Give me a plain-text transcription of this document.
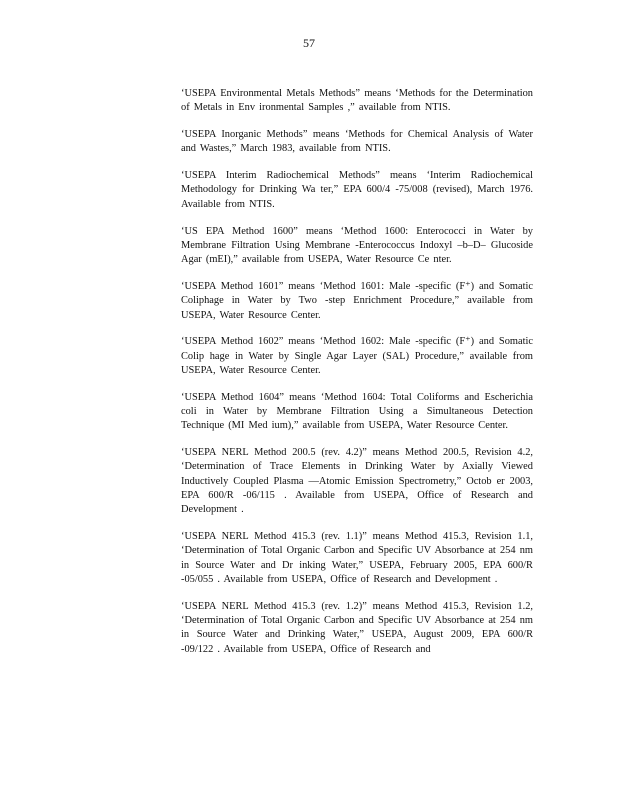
57

‘USEPA Environmental Metals Methods” means ‘Methods for the Determination of Metals in Env ironmental Samples ,” available from NTIS.

‘USEPA Inorganic Methods” means ‘Methods for Chemical Analysis of Water and Wastes,” March 1983, available from NTIS.

‘USEPA Interim Radiochemical Methods” means ‘Interim Radiochemical Methodology for Drinking Wa ter,” EPA 600/4 -75/008 (revised), March 1976. Available from NTIS.

‘US EPA Method 1600” means ‘Method 1600: Enterococci in Water by Membrane Filtration Using Membrane -Enterococcus Indoxyl –b–D– Glucoside Agar (mEI),” available from USEPA, Water Resource Ce nter.

‘USEPA Method 1601” means ‘Method 1601: Male -specific (F⁺) and Somatic Coliphage in Water by Two -step Enrichment Procedure,” available from USEPA, Water Resource Center.

‘USEPA Method 1602” means ‘Method 1602: Male -specific (F⁺) and Somatic Colip hage in Water by Single Agar Layer (SAL) Procedure,” available from USEPA, Water Resource Center.

‘USEPA Method 1604” means ‘Method 1604: Total Coliforms and Escherichia coli in Water by Membrane Filtration Using a Simultaneous Detection Technique (MI Med ium),” available from USEPA, Water Resource Center.

‘USEPA NERL Method 200.5 (rev. 4.2)” means Method 200.5, Revision 4.2, ‘Determination of Trace Elements in Drinking Water by Axially Viewed Inductively Coupled Plasma —Atomic Emission Spectrometry,” Octob er 2003, EPA 600/R -06/115 . Available from USEPA, Office of Research and Development .

‘USEPA NERL Method 415.3 (rev. 1.1)” means Method 415.3, Revision 1.1, ‘Determination of Total Organic Carbon and Specific UV Absorbance at 254 nm in Source Water and Dr inking Water,” USEPA, February 2005, EPA 600/R -05/055 . Available from USEPA, Office of Research and Development .

‘USEPA NERL Method 415.3 (rev. 1.2)” means Method 415.3, Revision 1.2, ‘Determination of Total Organic Carbon and Specific UV Absorbance at 254 nm in Source Water and Drinking Water,” USEPA, August 2009, EPA 600/R -09/122 . Available from USEPA, Office of Research and
